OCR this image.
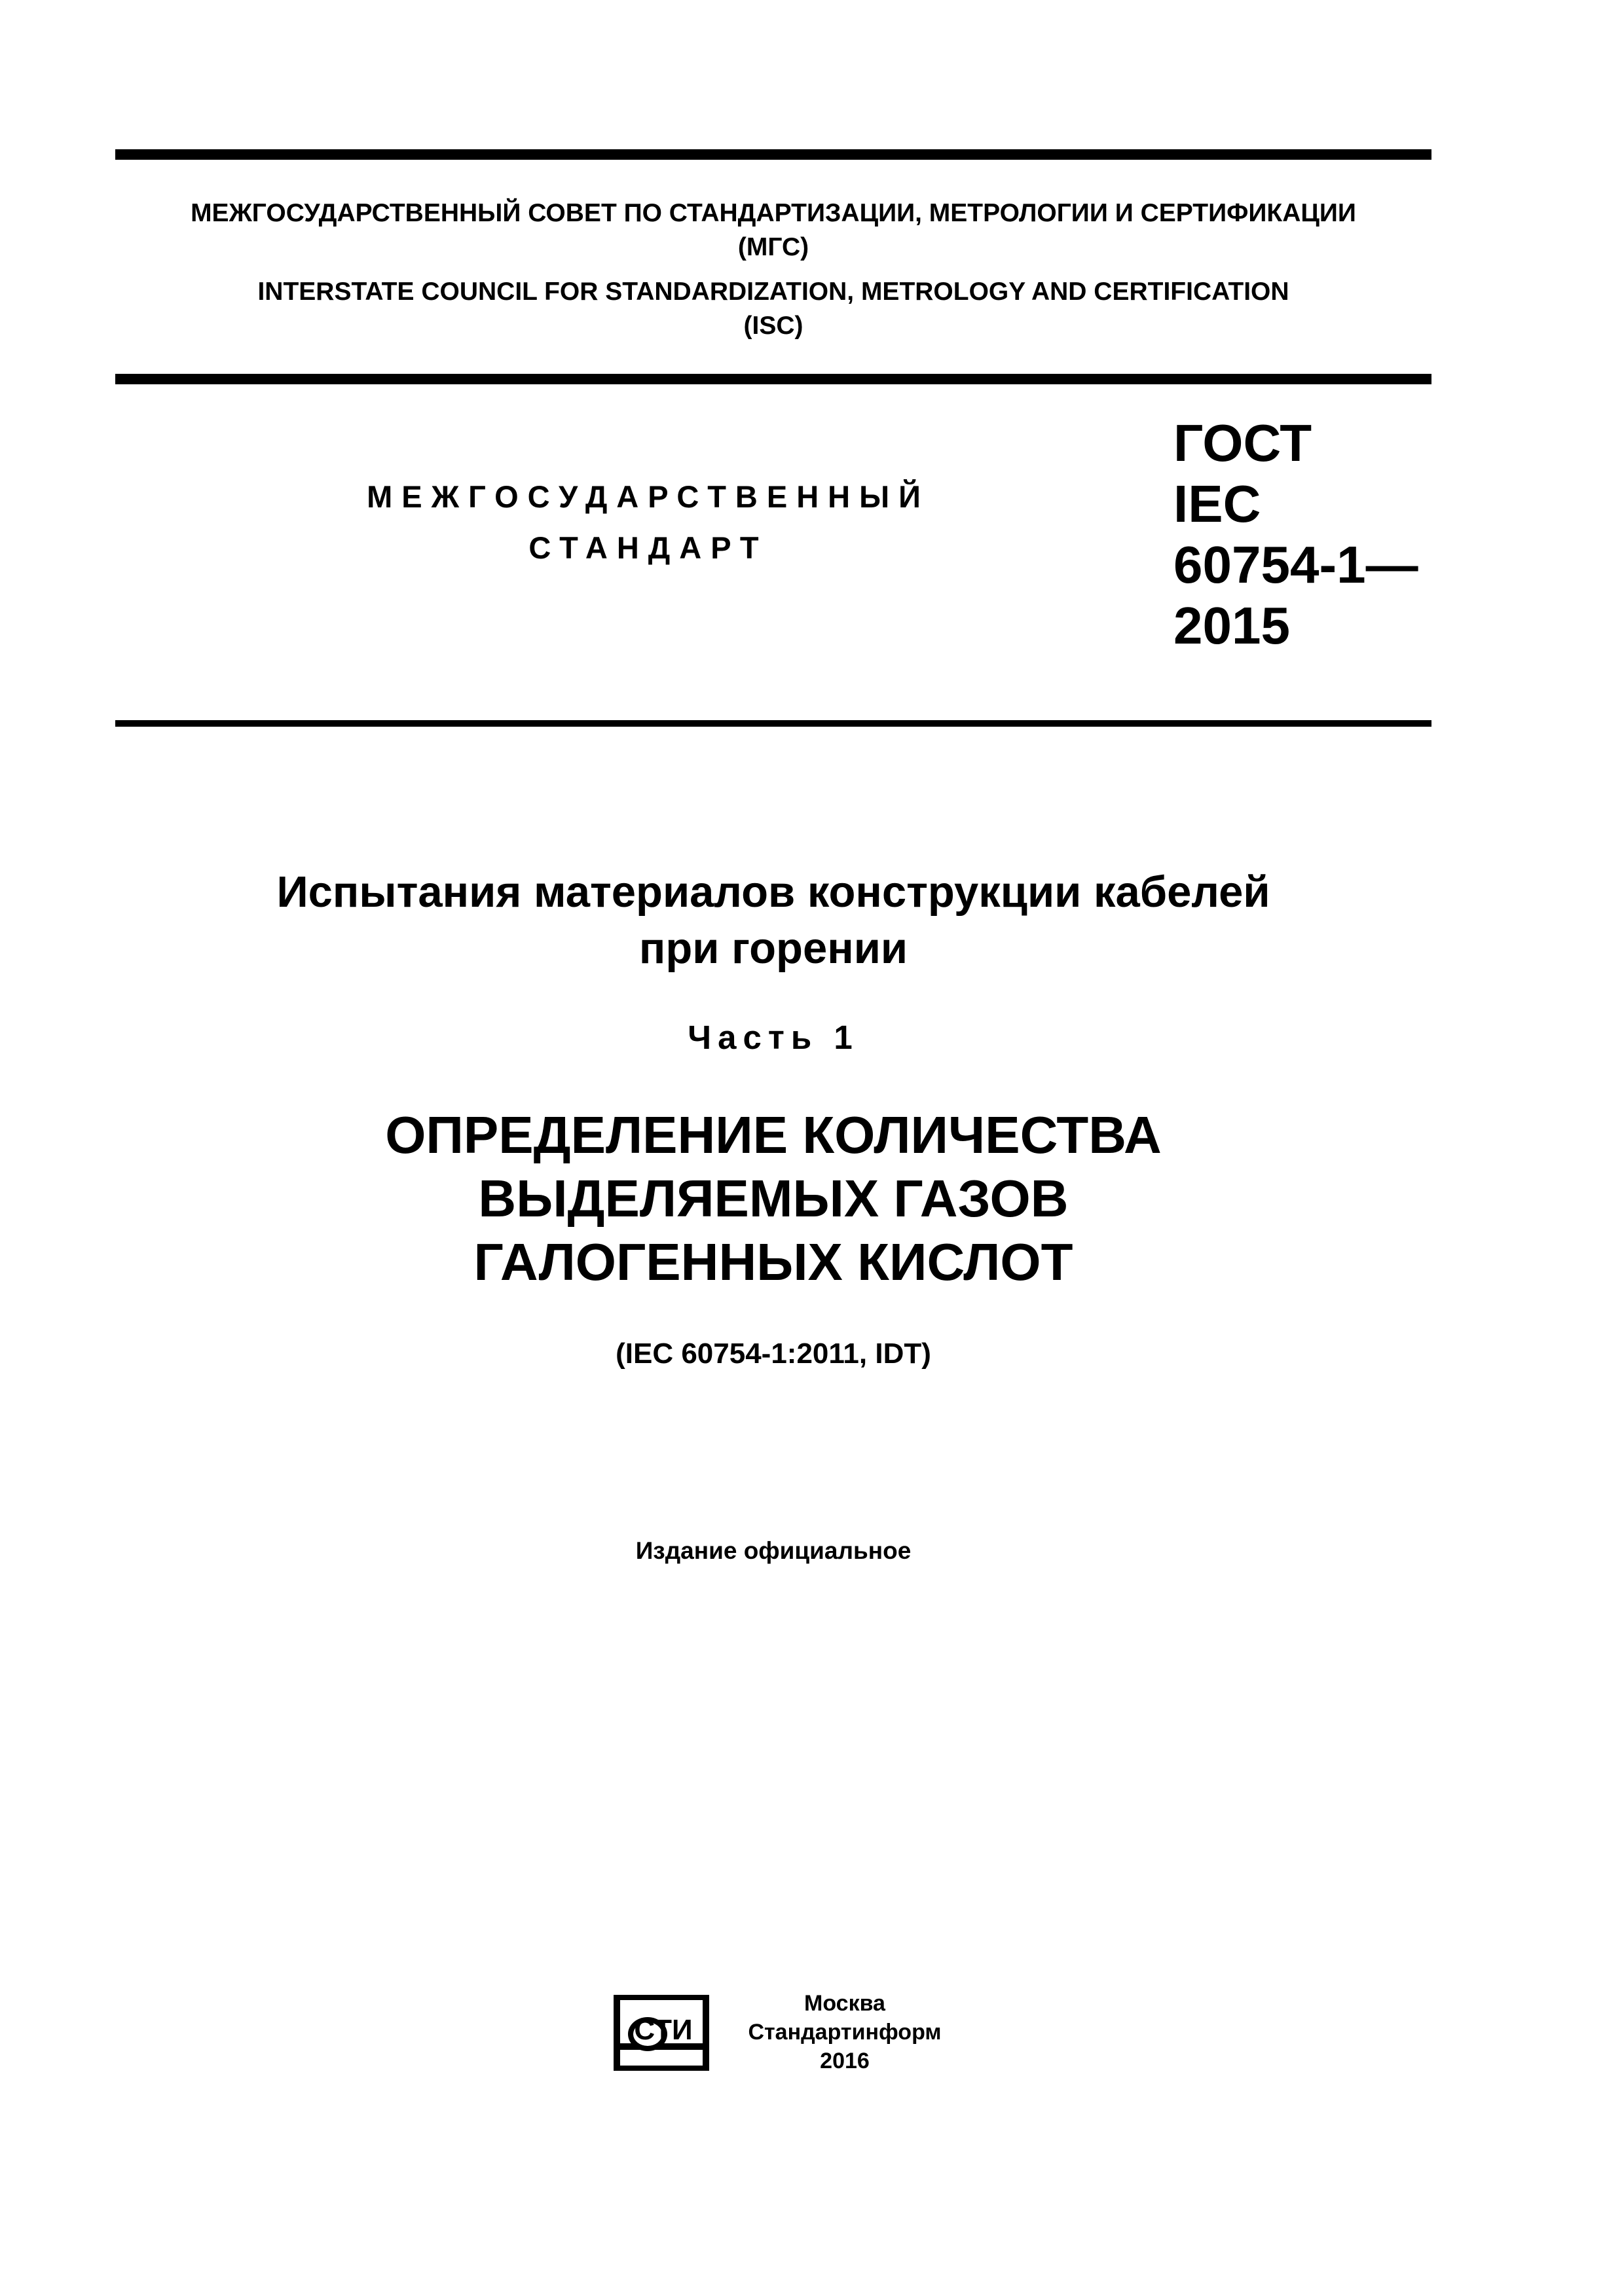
МЕЖГОСУДАРСТВЕННЫЙ СОВЕТ ПО СТАНДАРТИЗАЦИИ, МЕТРОЛОГИИ И СЕРТИФИКАЦИИ
(МГС)
INTERSTATE COUNCIL FOR STANDARDIZATION, METROLOGY AND CERTIFICATION
(ISC)
МЕЖГОСУДАРСТВЕННЫЙ
СТАНДАРТ
ГОСТ
IEC
60754-1—
2015
Испытания материалов конструкции кабелей
при горении
Часть 1
ОПРЕДЕЛЕНИЕ КОЛИЧЕСТВА
ВЫДЕЛЯЕМЫХ ГАЗОВ
ГАЛОГЕННЫХ КИСЛОТ
(IEC 60754-1:2011, IDT)
Издание официальное
СТИ
Москва
Стандартинформ
2016
